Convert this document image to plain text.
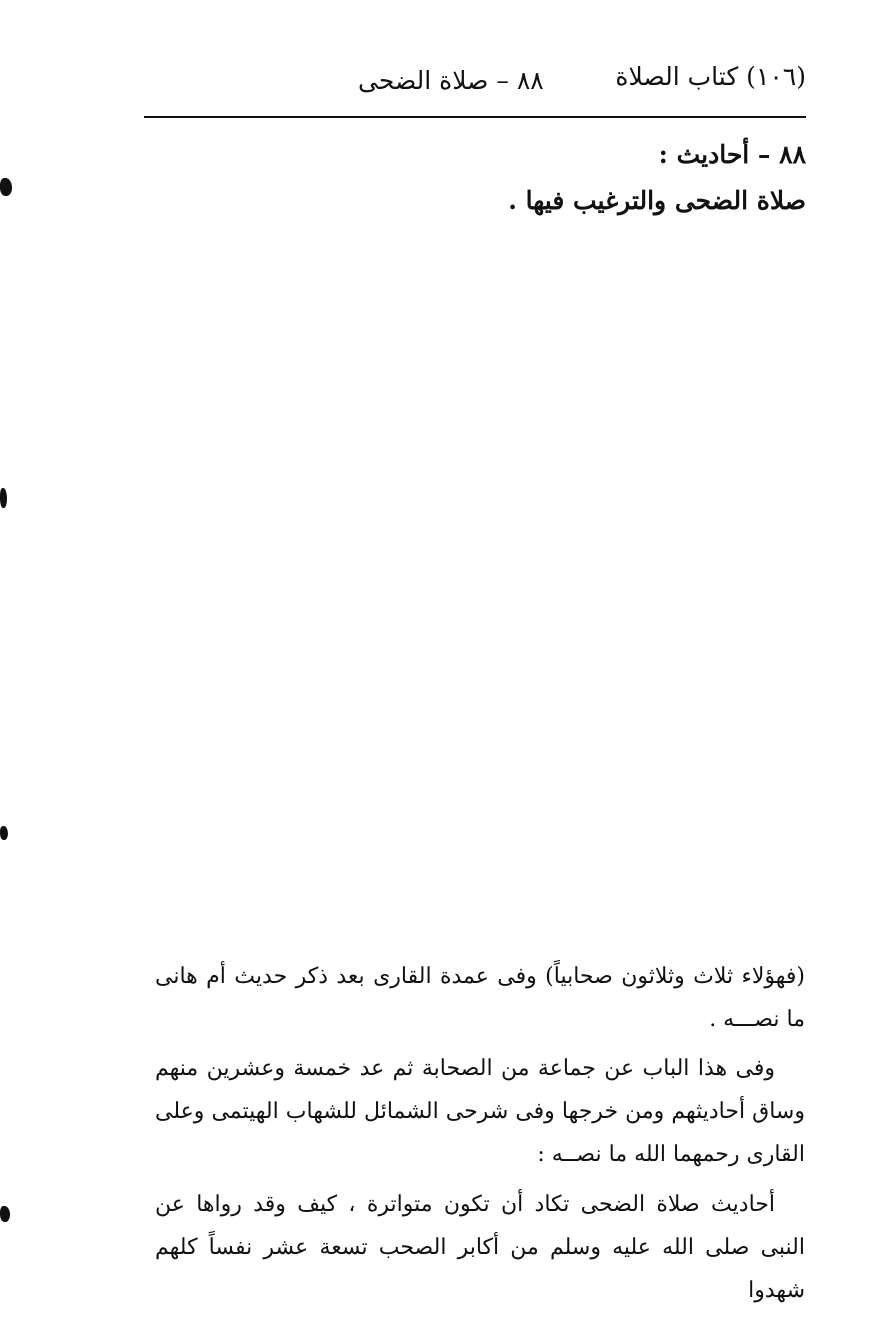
(١٠٦) كتاب الصلاة
٨٨ – صلاة الضحى
٨٨ – أحاديث :
صلاة الضحى والترغيب فيها .
(فهؤلاء ثلاث وثلاثون صحابياً) وفى عمدة القارى بعد ذكر حديث أم هانى ما نصـــه .
وفى هذا الباب عن جماعة من الصحابة ثم عد خمسة وعشرين منهم وساق أحاديثهم ومن خرجها وفى شرحى الشمائل للشهاب الهيتمى وعلى القارى رحمهما الله ما نصــه :
أحاديث صلاة الضحى تكاد أن تكون متواترة ، كيف وقد رواها عن النبى صلى الله عليه وسلم من أكابر الصحب تسعة عشر نفساً كلهم شهدوا
